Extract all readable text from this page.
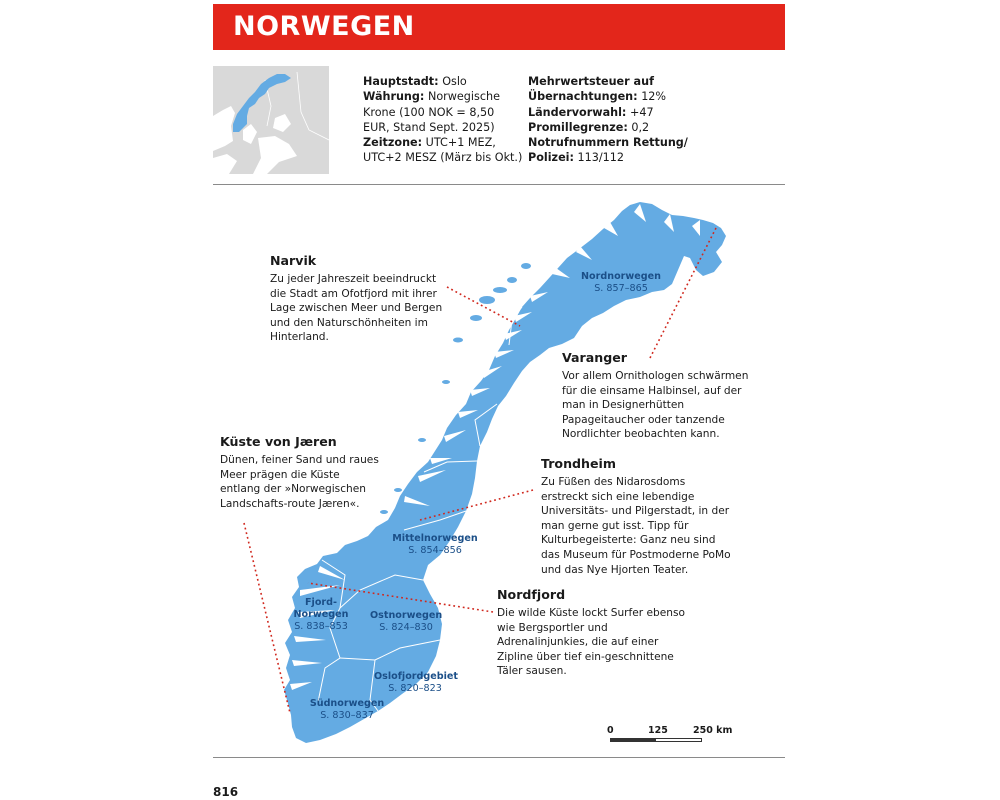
NORWEGEN
Hauptstadt: Oslo
Währung: Norwegische Krone (100 NOK = 8,50 EUR, Stand Sept. 2025)
Zeitzone: UTC+1 MEZ, UTC+2 MESZ (März bis Okt.)
Mehrwertsteuer auf Übernachtungen: 12%
Ländervorwahl: +47
Promillegrenze: 0,2
Notrufnummern Rettung/ Polizei: 113/112
Nordnorwegen
S. 857–865
Mittelnorwegen
S. 854–856
Fjord-Norwegen
S. 838–853
Ostnorwegen
S. 824–830
Oslofjordgebiet
S. 820–823
Südnorwegen
S. 830–837
Narvik
Zu jeder Jahreszeit beeindruckt die Stadt am Ofotfjord mit ihrer Lage zwischen Meer und Bergen und den Naturschönheiten im Hinterland.
Varanger
Vor allem Ornithologen schwärmen für die einsame Halbinsel, auf der man in Designerhütten Papageitaucher oder tanzende Nordlichter beobachten kann.
Küste von Jæren
Dünen, feiner Sand und raues Meer prägen die Küste entlang der »Norwegischen Landschafts-route Jæren«.
Trondheim
Zu Füßen des Nidarosdoms erstreckt sich eine lebendige Universitäts- und Pilgerstadt, in der man gerne gut isst. Tipp für Kulturbegeisterte: Ganz neu sind das Museum für Postmoderne PoMo und das Nye Hjorten Teater.
Nordfjord
Die wilde Küste lockt Surfer ebenso wie Bergsportler und Adrenalinjunkies, die auf einer Zipline über tief ein-geschnittene Täler sausen.
0	125	250 km
816
